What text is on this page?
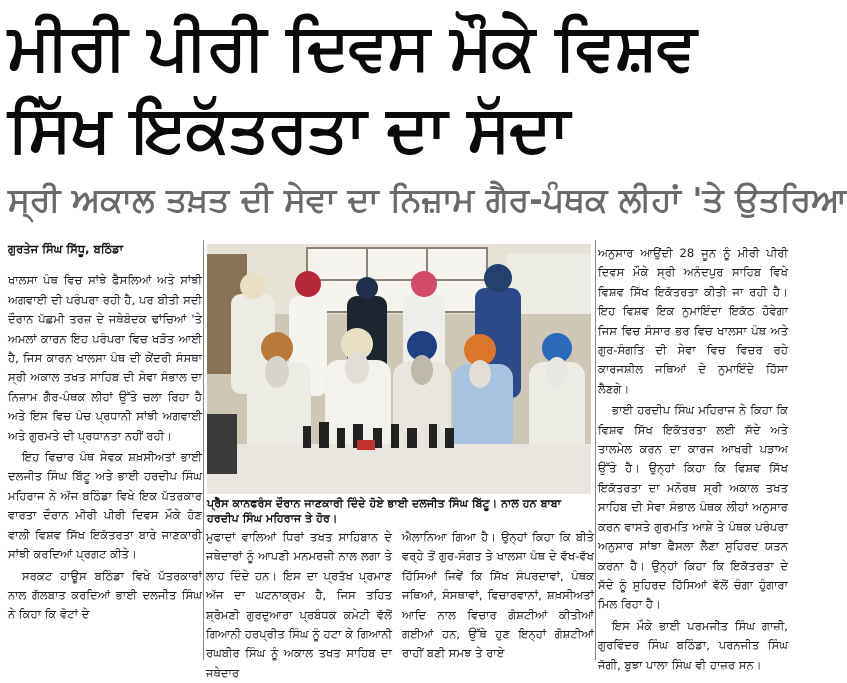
ਮੀਰੀ ਪੀਰੀ ਦਿਵਸ ਮੌਕੇ ਵਿਸ਼ਵ
ਸਿੱਖ ਇਕੱਤਰਤਾ ਦਾ ਸੱਦਾ
ਸ੍ਰੀ ਅਕਾਲ ਤਖ਼ਤ ਦੀ ਸੇਵਾ ਦਾ ਨਿਜ਼ਾਮ ਗੈਰ-ਪੰਥਕ ਲੀਹਾਂ 'ਤੇ ਉਤਰਿਆ
ਗੁਰਤੇਜ ਸਿੰਘ ਸਿੱਧੂ, ਬਠਿੰਡਾ

ਖਾਲਸਾ ਪੰਥ ਵਿਚ ਸਾਂਝੇ ਫੈਸਲਿਆਂ ਅਤੇ ਸਾਂਝੀ ਅਗਵਾਈ ਦੀ ਪਰੰਪਰਾ ਰਹੀ ਹੈ, ਪਰ ਬੀਤੀ ਸਦੀ ਦੌਰਾਨ ਪੱਛਮੀ ਤਰਜ਼ ਦੇ ਜਥੇਬੰਦਕ ਢਾਂਚਿਆਂ 'ਤੇ ਅਮਲਾਂ ਕਾਰਨ ਇਹ ਪਰੰਪਰਾ ਵਿਚ ਖੜੋਤ ਆਈ ਹੈ, ਜਿਸ ਕਾਰਨ ਖਾਲਸਾ ਪੰਥ ਦੀ ਕੇਂਦਰੀ ਸੰਸਥਾ ਸ੍ਰੀ ਅਕਾਲ ਤਖਤ ਸਾਹਿਬ ਦੀ ਸੇਵਾ ਸੰਭਾਲ ਦਾ ਨਿਜ਼ਾਮ ਗੈਰ-ਪੰਥਕ ਲੀਹਾਂ ਉੱਤੇ ਚਲਾ ਰਿਹਾ ਹੈ ਅਤੇ ਇਸ ਵਿਚ ਪੰਚ ਪ੍ਰਧਾਨੀ ਸਾਂਝੀ ਅਗਵਾਈ ਅਤੇ ਗੁਰਮਤੇ ਦੀ ਪ੍ਰਧਾਨਤਾ ਨਹੀਂ ਰਹੀ।

ਇਹ ਵਿਚਾਰ ਪੰਥ ਸੇਵਕ ਸ਼ਖ਼ਸੀਅਤਾਂ ਭਾਈ ਦਲਜੀਤ ਸਿੰਘ ਬਿੱਟੂ ਅਤੇ ਭਾਈ ਹਰਦੀਪ ਸਿੰਘ ਮਹਿਰਾਜ ਨੇ ਅੱਜ ਬਠਿੰਡਾ ਵਿਖੇ ਇਕ ਪੱਤਰਕਾਰ ਵਾਰਤਾ ਦੌਰਾਨ ਮੀਰੀ ਪੀਰੀ ਦਿਵਸ ਮੌਕੇ ਹੋਣ ਵਾਲੀ ਵਿਸ਼ਵ ਸਿੱਖ ਇਕੱਤਰਤਾ ਬਾਰੇ ਜਾਣਕਾਰੀ ਸਾਂਝੀ ਕਰਦਿਆਂ ਪ੍ਰਗਟ ਕੀਤੇ।

ਸਰਕਟ ਹਾਊਸ ਬਠਿੰਡਾ ਵਿਖੇ ਪੱਤਰਕਾਰਾਂ ਨਾਲ ਗੱਲਬਾਤ ਕਰਦਿਆਂ ਭਾਈ ਦਲਜੀਤ ਸਿੰਘ ਨੇ ਕਿਹਾ ਕਿ ਵੋਟਾਂ ਦੇ

ਪ੍ਰੈੱਸ ਕਾਨਫਰੰਸ ਦੌਰਾਨ ਜਾਣਕਾਰੀ ਦਿੰਦੇ ਹੋਏ ਭਾਈ ਦਲਜੀਤ ਸਿੰਘ ਬਿੱਟੂ। ਨਾਲ ਹਨ ਬਾਬਾ ਹਰਦੀਪ ਸਿੰਘ ਮਹਿਰਾਜ ਤੇ ਹੋਰ।
ਮੁਫਾਦਾਂ ਵਾਲਿਆਂ ਧਿਰਾਂ ਤਖਤ ਸਾਹਿਬਾਨ ਦੇ ਜਥੇਦਾਰਾਂ ਨੂੰ ਆਪਣੀ ਮਨਮਰਜ਼ੀ ਨਾਲ ਲਗਾ ਤੇ ਲਾਹ ਦਿੰਦੇ ਹਨ। ਇਸ ਦਾ ਪ੍ਰਤੱਖ ਪ੍ਰਮਾਣ ਅੱਜ ਦਾ ਘਟਨਾਕ੍ਰਮ ਹੈ, ਜਿਸ ਤਹਿਤ ਸ਼੍ਰੋਮਣੀ ਗੁਰਦੁਆਰਾ ਪ੍ਰਬੰਧਕ ਕਮੇਟੀ ਵੱਲੋਂ ਗਿਆਨੀ ਹਰਪ੍ਰੀਤ ਸਿੰਘ ਨੂੰ ਹਟਾ ਕੇ ਗਿਆਨੀ ਰਘਬੀਰ ਸਿੰਘ ਨੂੰ ਅਕਾਲ ਤਖਤ ਸਾਹਿਬ ਦਾ ਜਥੇਦਾਰ
ਐਲਾਨਿਆ ਗਿਆ ਹੈ। ਉਨ੍ਹਾਂ ਕਿਹਾ ਕਿ ਬੀਤੇ ਵਰ੍ਹੇ ਤੋਂ ਗੁਰ-ਸੰਗਤ ਤੇ ਖਾਲਸਾ ਪੰਥ ਦੇ ਵੱਖ-ਵੱਖ ਹਿੱਸਿਆਂ ਜਿਵੇਂ ਕਿ ਸਿੱਖ ਸੰਪਰਦਾਵਾਂ, ਪੰਥਕ ਜਥਿਆਂ, ਸੰਸਥਾਵਾਂ, ਵਿਚਾਰਵਾਨਾਂ, ਸ਼ਖ਼ਸੀਅਤਾਂ ਆਦਿ ਨਾਲ ਵਿਚਾਰ ਗੋਸ਼ਟੀਆਂ ਕੀਤੀਆਂ ਗਈਆਂ ਹਨ, ਉੱਥੇ ਹੁਣ ਇਨ੍ਹਾਂ ਗੋਸ਼ਟੀਆਂ ਰਾਹੀਂ ਬਣੀ ਸਮਝ ਤੇ ਰਾਏ

ਅਨੁਸਾਰ ਆਉਂਦੀ 28 ਜੂਨ ਨੂੰ ਮੀਰੀ ਪੀਰੀ ਦਿਵਸ ਮੌਕੇ ਸ੍ਰੀ ਅਨੰਦਪੁਰ ਸਾਹਿਬ ਵਿਖੇ ਵਿਸ਼ਵ ਸਿੱਖ ਇਕੱਤਰਤਾ ਕੀਤੀ ਜਾ ਰਹੀ ਹੈ। ਇਹ ਵਿਸ਼ਵ ਇਕ ਨੁਮਾਇੰਦਾ ਇਕੱਠ ਹੋਵੇਗਾ ਜਿਸ ਵਿਚ ਸੰਸਾਰ ਭਰ ਵਿਚ ਖਾਲਸਾ ਪੰਥ ਅਤੇ ਗੁਰ-ਸੰਗਤਿ ਦੀ ਸੇਵਾ ਵਿਚ ਵਿਚਰ ਰਹੇ ਕਾਰਜਸ਼ੀਲ ਜਥਿਆਂ ਦੇ ਨੁਮਾਇੰਦੇ ਹਿੱਸਾ ਲੈਣਗੇ।

ਭਾਈ ਹਰਦੀਪ ਸਿੰਘ ਮਹਿਰਾਜ ਨੇ ਕਿਹਾ ਕਿ ਵਿਸ਼ਵ ਸਿੱਖ ਇਕੱਤਰਤਾ ਲਈ ਸੱਦੇ ਅਤੇ ਤਾਲਮੇਲ ਕਰਨ ਦਾ ਕਾਰਜ ਆਖਰੀ ਪੜਾਅ ਉੱਤੇ ਹੈ। ਉਨ੍ਹਾਂ ਕਿਹਾ ਕਿ ਵਿਸ਼ਵ ਸਿੱਖ ਇਕੱਤਰਤਾ ਦਾ ਮਨੋਰਥ ਸ੍ਰੀ ਅਕਾਲ ਤਖਤ ਸਾਹਿਬ ਦੀ ਸੇਵਾ ਸੰਭਾਲ ਪੰਥਕ ਲੀਹਾਂ ਅਨੁਸਾਰ ਕਰਨ ਵਾਸਤੇ ਗੁਰਮਤਿ ਆਸ਼ੇ ਤੇ ਪੰਥਕ ਪਰੰਪਰਾ ਅਨੁਸਾਰ ਸਾਂਝਾ ਫੈਸਲਾ ਲੈਣਾ ਸੁਹਿਰਦ ਯਤਨ ਕਰਨਾ ਹੈ। ਉਨ੍ਹਾਂ ਕਿਹਾ ਕਿ ਇਕੱਤਰਤਾ ਦੇ ਸੱਦੇ ਨੂੰ ਸੁਹਿਰਦ ਹਿੱਸਿਆਂ ਵੱਲੋਂ ਚੰਗਾ ਹੁੰਗਾਰਾ ਮਿਲ ਰਿਹਾ ਹੈ।

ਇਸ ਮੌਕੇ ਭਾਈ ਪਰਮਜੀਤ ਸਿੰਘ ਗਾਜ਼ੀ, ਗੁਰਵਿੰਦਰ ਸਿੰਘ ਬਠਿੰਡਾ, ਪਰਨਜੀਤ ਸਿੰਘ ਜੱਗੀ, ਬੁਝਾ ਪਾਲਾ ਸਿੰਘ ਵੀ ਹਾਜ਼ਰ ਸਨ।
